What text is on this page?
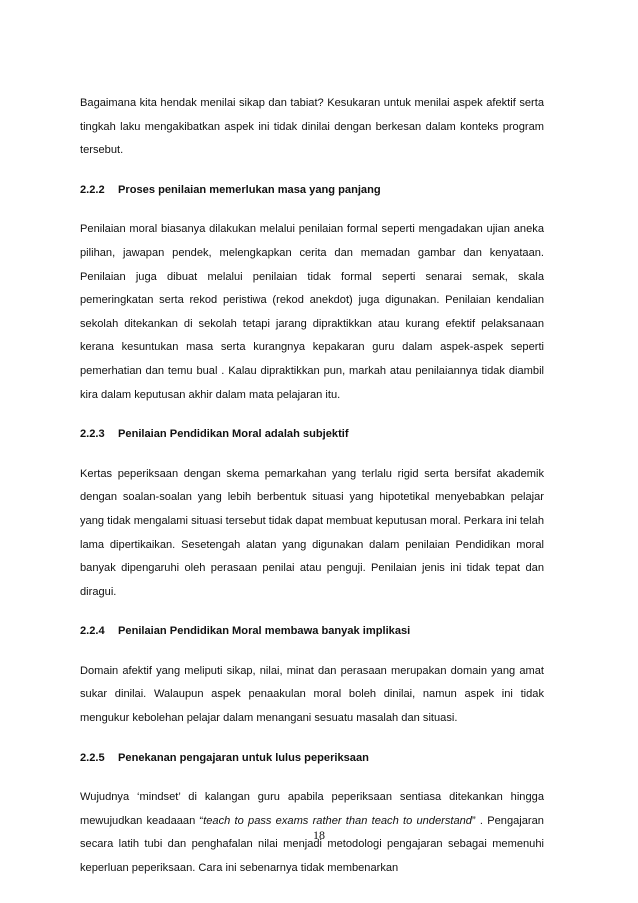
Bagaimana kita hendak menilai sikap dan tabiat? Kesukaran untuk menilai aspek afektif serta tingkah laku mengakibatkan aspek ini tidak dinilai dengan berkesan dalam konteks program tersebut.

2.2.2 Proses penilaian memerlukan masa yang panjang

Penilaian moral biasanya dilakukan melalui penilaian formal seperti mengadakan ujian aneka pilihan, jawapan pendek, melengkapkan cerita dan memadan gambar dan kenyataan. Penilaian juga dibuat melalui penilaian tidak formal seperti senarai semak, skala pemeringkatan serta rekod peristiwa (rekod anekdot) juga digunakan. Penilaian kendalian sekolah ditekankan di sekolah tetapi jarang dipraktikkan atau kurang efektif pelaksanaan kerana kesuntukan masa serta kurangnya kepakaran guru dalam aspek-aspek seperti pemerhatian dan temu bual . Kalau dipraktikkan pun, markah atau penilaiannya tidak diambil kira dalam keputusan akhir dalam mata pelajaran itu.

2.2.3 Penilaian Pendidikan Moral adalah subjektif

Kertas peperiksaan dengan skema pemarkahan yang terlalu rigid serta bersifat akademik dengan soalan-soalan yang lebih berbentuk situasi yang hipotetikal menyebabkan pelajar yang tidak mengalami situasi tersebut tidak dapat membuat keputusan moral. Perkara ini telah lama dipertikaikan. Sesetengah alatan yang digunakan dalam penilaian Pendidikan moral banyak dipengaruhi oleh perasaan penilai atau penguji. Penilaian jenis ini tidak tepat dan diragui.

2.2.4 Penilaian Pendidikan Moral membawa banyak implikasi

Domain afektif yang meliputi sikap, nilai, minat dan perasaan merupakan domain yang amat sukar dinilai. Walaupun aspek penaakulan moral boleh dinilai, namun aspek ini tidak mengukur kebolehan pelajar dalam menangani sesuatu masalah dan situasi.

2.2.5 Penekanan pengajaran untuk lulus peperiksaan

Wujudnya ‘mindset’ di kalangan guru apabila peperiksaan sentiasa ditekankan hingga mewujudkan keadaaan “teach to pass exams rather than teach to understand” . Pengajaran secara latih tubi dan penghafalan nilai menjadi metodologi pengajaran sebagai memenuhi keperluan peperiksaan. Cara ini sebenarnya tidak membenarkan

18
